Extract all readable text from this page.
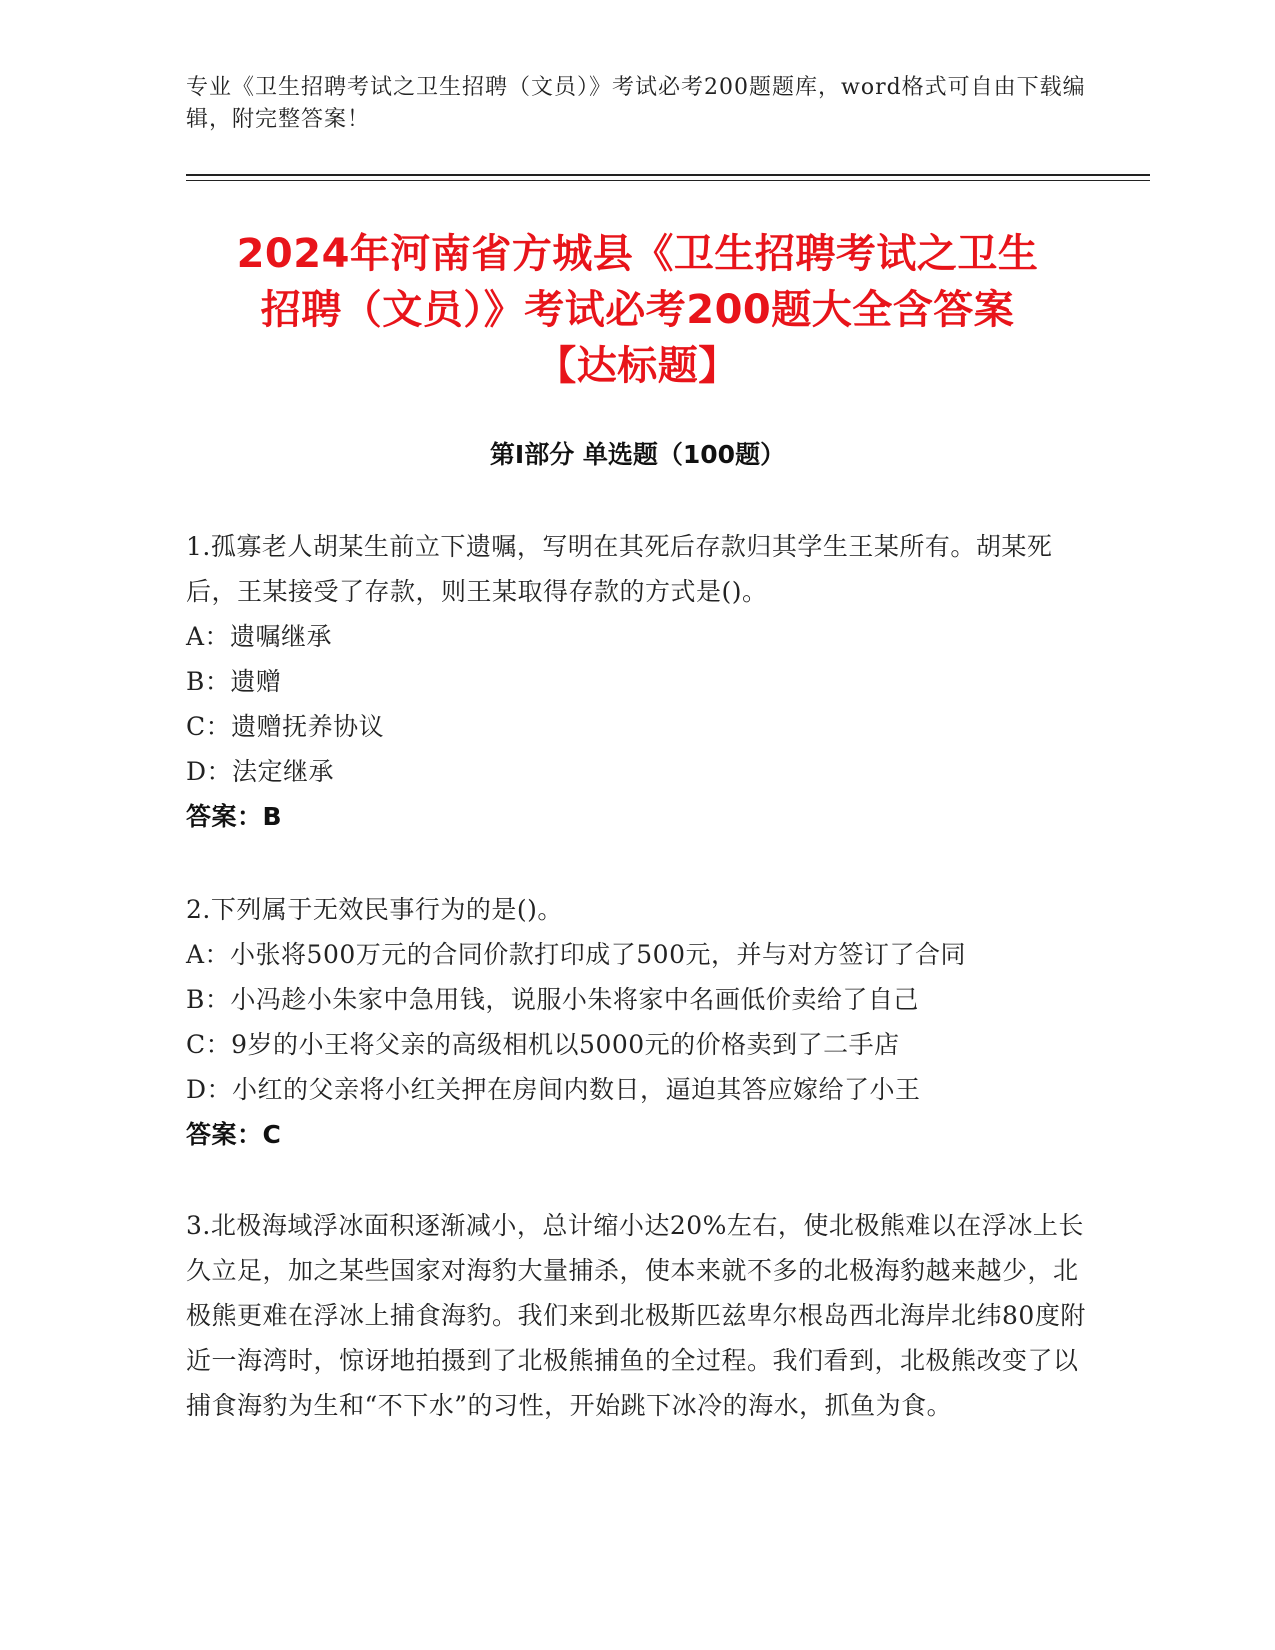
专业《卫生招聘考试之卫生招聘（文员）》考试必考200题题库，word格式可自由下载编辑，附完整答案！
2024年河南省方城县《卫生招聘考试之卫生
招聘（文员）》考试必考200题大全含答案
【达标题】
第I部分 单选题（100题）

1.孤寡老人胡某生前立下遗嘱，写明在其死后存款归其学生王某所有。胡某死后，王某接受了存款，则王某取得存款的方式是()。

A：遗嘱继承

B：遗赠

C：遗赠抚养协议

D：法定继承

答案：B

2.下列属于无效民事行为的是()。

A：小张将500万元的合同价款打印成了500元，并与对方签订了合同

B：小冯趁小朱家中急用钱，说服小朱将家中名画低价卖给了自己

C：9岁的小王将父亲的高级相机以5000元的价格卖到了二手店

D：小红的父亲将小红关押在房间内数日，逼迫其答应嫁给了小王

答案：C

3.北极海域浮冰面积逐渐减小，总计缩小达20%左右，使北极熊难以在浮冰上长久立足，加之某些国家对海豹大量捕杀，使本来就不多的北极海豹越来越少，北极熊更难在浮冰上捕食海豹。我们来到北极斯匹兹卑尔根岛西北海岸北纬80度附近一海湾时，惊讶地拍摄到了北极熊捕鱼的全过程。我们看到，北极熊改变了以捕食海豹为生和“不下水”的习性，开始跳下冰冷的海水，抓鱼为食。
